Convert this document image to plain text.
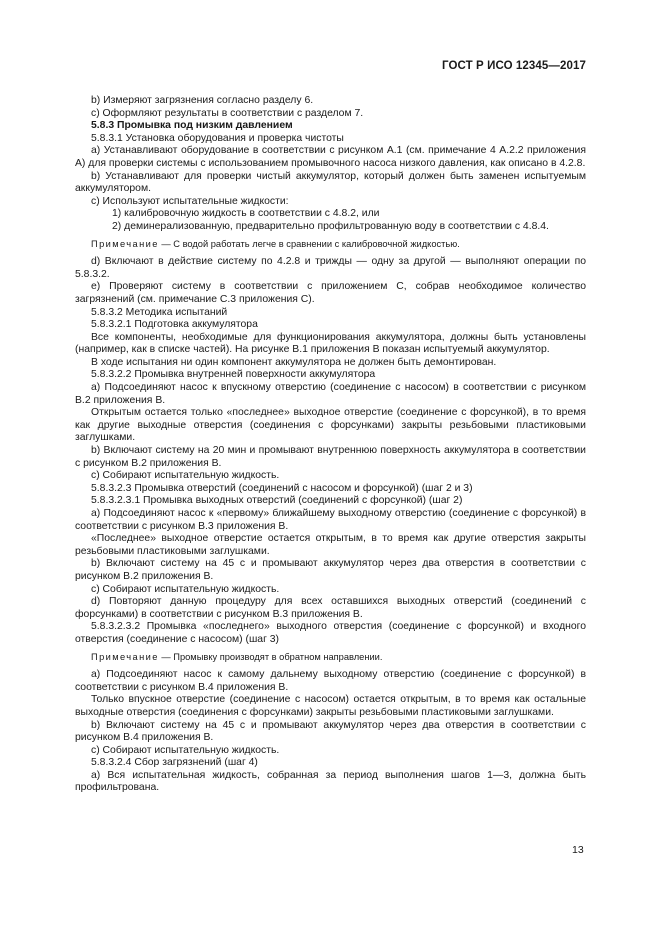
ГОСТ Р ИСО 12345—2017

b) Измеряют загрязнения согласно разделу 6.

c) Оформляют результаты в соответствии с разделом 7.

5.8.3 Промывка под низким давлением

5.8.3.1 Установка оборудования и проверка чистоты

a) Устанавливают оборудование в соответствии с рисунком А.1 (см. примечание 4 А.2.2 приложения А) для проверки системы с использованием промывочного насоса низкого давления, как описано в 4.2.8.

b) Устанавливают для проверки чистый аккумулятор, который должен быть заменен испытуемым аккумулятором.

c) Используют испытательные жидкости:

1) калибровочную жидкость в соответствии с 4.8.2, или

2) деминерализованную, предварительно профильтрованную воду в соответствии с 4.8.4.

Примечание — С водой работать легче в сравнении с калибровочной жидкостью.

d) Включают в действие систему по 4.2.8 и трижды — одну за другой — выполняют операции по 5.8.3.2.

e) Проверяют систему в соответствии с приложением С, собрав необходимое количество загрязнений (см. примечание С.3 приложения С).

5.8.3.2 Методика испытаний

5.8.3.2.1 Подготовка аккумулятора

Все компоненты, необходимые для функционирования аккумулятора, должны быть установлены (например, как в списке частей). На рисунке В.1 приложения В показан испытуемый аккумулятор.

В ходе испытания ни один компонент аккумулятора не должен быть демонтирован.

5.8.3.2.2 Промывка внутренней поверхности аккумулятора

a) Подсоединяют насос к впускному отверстию (соединение с насосом) в соответствии с рисунком В.2 приложения В.

Открытым остается только «последнее» выходное отверстие (соединение с форсункой), в то время как другие выходные отверстия (соединения с форсунками) закрыты резьбовыми пластиковыми заглушками.

b) Включают систему на 20 мин и промывают внутреннюю поверхность аккумулятора в соответствии с рисунком В.2 приложения В.

c) Собирают испытательную жидкость.

5.8.3.2.3 Промывка отверстий (соединений с насосом и форсункой) (шаг 2 и 3)

5.8.3.2.3.1 Промывка выходных отверстий (соединений с форсункой) (шаг 2)

a) Подсоединяют насос к «первому» ближайшему выходному отверстию (соединение с форсункой) в соответствии с рисунком В.3 приложения В.

«Последнее» выходное отверстие остается открытым, в то время как другие отверстия закрыты резьбовыми пластиковыми заглушками.

b) Включают систему на 45 с и промывают аккумулятор через два отверстия в соответствии с рисунком В.2 приложения В.

c) Собирают испытательную жидкость.

d) Повторяют данную процедуру для всех оставшихся выходных отверстий (соединений с форсунками) в соответствии с рисунком В.3 приложения В.

5.8.3.2.3.2 Промывка «последнего» выходного отверстия (соединение с форсункой) и входного отверстия (соединение с насосом) (шаг 3)

Примечание — Промывку производят в обратном направлении.

a) Подсоединяют насос к самому дальнему выходному отверстию (соединение с форсункой) в соответствии с рисунком В.4 приложения В.

Только впускное отверстие (соединение с насосом) остается открытым, в то время как остальные выходные отверстия (соединения с форсунками) закрыты резьбовыми пластиковыми заглушками.

b) Включают систему на 45 с и промывают аккумулятор через два отверстия в соответствии с рисунком В.4 приложения В.

c) Собирают испытательную жидкость.

5.8.3.2.4 Сбор загрязнений (шаг 4)

a) Вся испытательная жидкость, собранная за период выполнения шагов 1—3, должна быть профильтрована.

13
